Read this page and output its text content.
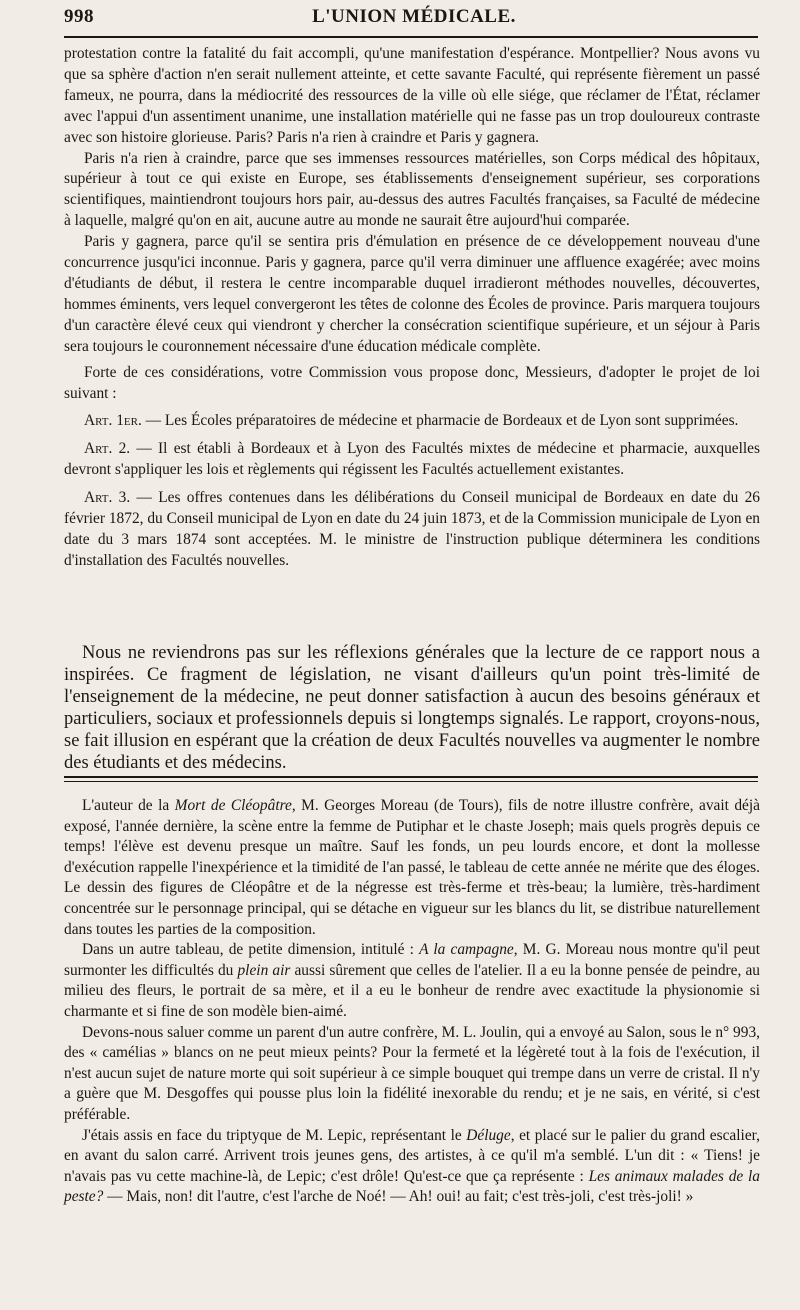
998	L'UNION MÉDICALE.

protestation contre la fatalité du fait accompli, qu'une manifestation d'espérance. Montpellier? Nous avons vu que sa sphère d'action n'en serait nullement atteinte, et cette savante Faculté, qui représente fièrement un passé fameux, ne pourra, dans la médiocrité des ressources de la ville où elle siége, que réclamer de l'État, réclamer avec l'appui d'un assentiment unanime, une installation matérielle qui ne fasse pas un trop douloureux contraste avec son histoire glorieuse. Paris? Paris n'a rien à craindre et Paris y gagnera.

Paris n'a rien à craindre, parce que ses immenses ressources matérielles, son Corps médical des hôpitaux, supérieur à tout ce qui existe en Europe, ses établissements d'enseignement supérieur, ses corporations scientifiques, maintiendront toujours hors pair, au-dessus des autres Facultés françaises, sa Faculté de médecine à laquelle, malgré qu'on en ait, aucune autre au monde ne saurait être aujourd'hui comparée.

Paris y gagnera, parce qu'il se sentira pris d'émulation en présence de ce développement nouveau d'une concurrence jusqu'ici inconnue. Paris y gagnera, parce qu'il verra diminuer une affluence exagérée; avec moins d'étudiants de début, il restera le centre incomparable duquel irradieront méthodes nouvelles, découvertes, hommes éminents, vers lequel convergeront les têtes de colonne des Écoles de province. Paris marquera toujours d'un caractère élevé ceux qui viendront y chercher la consécration scientifique supérieure, et un séjour à Paris sera toujours le couronnement nécessaire d'une éducation médicale complète.

Forte de ces considérations, votre Commission vous propose donc, Messieurs, d'adopter le projet de loi suivant :

Art. 1er. — Les Écoles préparatoires de médecine et pharmacie de Bordeaux et de Lyon sont supprimées.

Art. 2. — Il est établi à Bordeaux et à Lyon des Facultés mixtes de médecine et pharmacie, auxquelles devront s'appliquer les lois et règlements qui régissent les Facultés actuellement existantes.

Art. 3. — Les offres contenues dans les délibérations du Conseil municipal de Bordeaux en date du 26 février 1872, du Conseil municipal de Lyon en date du 24 juin 1873, et de la Commission municipale de Lyon en date du 3 mars 1874 sont acceptées. M. le ministre de l'instruction publique déterminera les conditions d'installation des Facultés nouvelles.

Nous ne reviendrons pas sur les réflexions générales que la lecture de ce rapport nous a inspirées. Ce fragment de législation, ne visant d'ailleurs qu'un point très-limité de l'enseignement de la médecine, ne peut donner satisfaction à aucun des besoins généraux et particuliers, sociaux et professionnels depuis si longtemps signalés. Le rapport, croyons-nous, se fait illusion en espérant que la création de deux Facultés nouvelles va augmenter le nombre des étudiants et des médecins.

L'auteur de la Mort de Cléopâtre, M. Georges Moreau (de Tours), fils de notre illustre confrère, avait déjà exposé, l'année dernière, la scène entre la femme de Putiphar et le chaste Joseph; mais quels progrès depuis ce temps! l'élève est devenu presque un maître. Sauf les fonds, un peu lourds encore, et dont la mollesse d'exécution rappelle l'inexpérience et la timidité de l'an passé, le tableau de cette année ne mérite que des éloges. Le dessin des figures de Cléopâtre et de la négresse est très-ferme et très-beau; la lumière, très-hardiment concentrée sur le personnage principal, qui se détache en vigueur sur les blancs du lit, se distribue naturellement dans toutes les parties de la composition.

Dans un autre tableau, de petite dimension, intitulé : A la campagne, M. G. Moreau nous montre qu'il peut surmonter les difficultés du plein air aussi sûrement que celles de l'atelier. Il a eu la bonne pensée de peindre, au milieu des fleurs, le portrait de sa mère, et il a eu le bonheur de rendre avec exactitude la physionomie si charmante et si fine de son modèle bien-aimé.

Devons-nous saluer comme un parent d'un autre confrère, M. L. Joulin, qui a envoyé au Salon, sous le n° 993, des « camélias » blancs on ne peut mieux peints? Pour la fermeté et la légèreté tout à la fois de l'exécution, il n'est aucun sujet de nature morte qui soit supérieur à ce simple bouquet qui trempe dans un verre de cristal. Il n'y a guère que M. Desgoffes qui pousse plus loin la fidélité inexorable du rendu; et je ne sais, en vérité, si c'est préférable.

J'étais assis en face du triptyque de M. Lepic, représentant le Déluge, et placé sur le palier du grand escalier, en avant du salon carré. Arrivent trois jeunes gens, des artistes, à ce qu'il m'a semblé. L'un dit : « Tiens! je n'avais pas vu cette machine-là, de Lepic; c'est drôle! Qu'est-ce que ça représente : Les animaux malades de la peste? — Mais, non! dit l'autre, c'est l'arche de Noé! — Ah! oui! au fait; c'est très-joli, c'est très-joli! »
